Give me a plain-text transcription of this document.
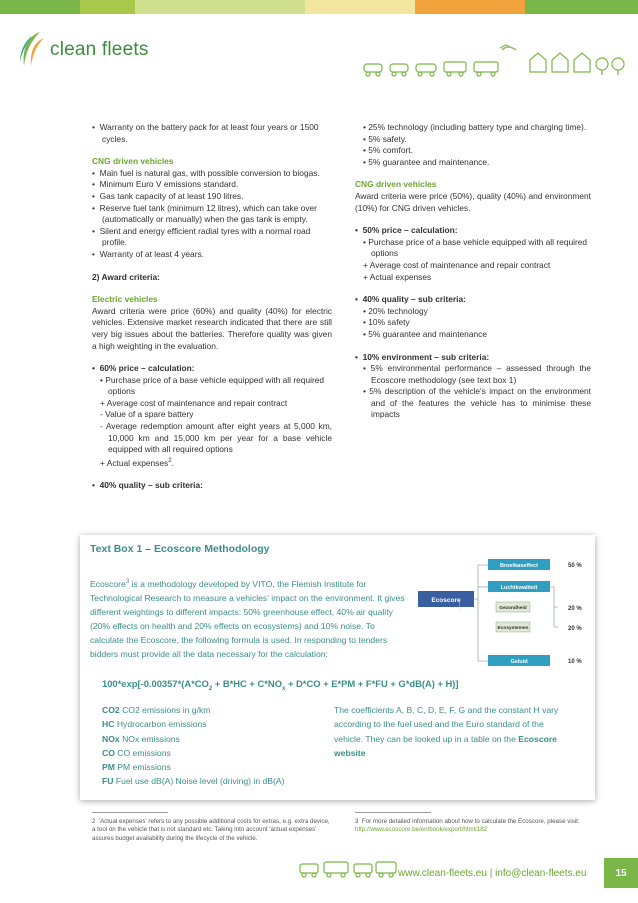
clean fleets

•  Warranty on the battery pack for at least four years or 1500 cycles.

CNG driven vehicles

•  Main fuel is natural gas, with possible conversion to biogas.

•  Minimum Euro V emissions standard.

•  Gas tank capacity of at least 190 litres.

•  Reserve fuel tank (minimum 12 litres), which can take over (automatically or manually) when the gas tank is empty.

•  Silent and energy efficient radial tyres with a normal road profile.

•  Warranty of at least 4 years.

2) Award criteria:

Electric vehicles

Award criteria were price (60%) and quality (40%) for electric vehicles. Extensive market research indicated that there are still very big issues about the batteries. Therefore quality was given a high weighting in the evaluation.

•  60% price – calculation:

• Purchase price of a base vehicle equipped with all required options

+ Average cost of maintenance and repair contract

- Value of a spare battery

- Average redemption amount after eight years at 5,000 km, 10,000 km and 15,000 km per year for a base vehicle equipped with all required options

+ Actual expenses$^2$.

•  40% quality – sub criteria:

• 25% technology (including battery type and charging time).

• 5% safety.

• 5% comfort.

• 5% guarantee and maintenance.

CNG driven vehicles

Award criteria were price (50%), quality (40%) and environment (10%) for CNG driven vehicles.

•  50% price – calculation:

• Purchase price of a base vehicle equipped with all required options

+ Average cost of maintenance and repair contract

+ Actual expenses

•  40% quality – sub criteria:

• 20% technology

• 10% safety

• 5% guarantee and maintenance

•  10% environment – sub criteria:

• 5% environmental performance – assessed through the Ecoscore methodology (see text box 1)

• 5% description of the vehicle's impact on the environment and of the features the vehicle has to minimise these impacts

Text Box 1 – Ecoscore Methodology
Ecoscore$^3$ is a methodology developed by VITO, the Flemish Institute for Technological Research to measure a vehicles' impact on the environment. It gives different weightings to different impacts: 50% greenhouse effect, 40% air quality (20% effects on health and 20% effects on ecosystems) and 10% noise. To calculate the Ecoscore, the following formula is used. In responding to tenders bidders must provide all the data necessary for the calculation:
$100*\exp[-0.00357*(A*CO_2 + B*HC + C*NO_x + D*CO + E*PM + F*FU + G*dB(A) + H)]$
CO2 CO2 emissions in g/km
HC Hydrocarbon emissions
NOx NOx emissions
CO CO emissions
PM PM emissions
FU Fuel use dB(A) Noise level (driving) in dB(A)
The coefficients A, B, C, D, E, F, G and the constant H vary according to the fuel used and the Euro standard of the vehicle. They can be looked up in a table on the Ecoscore website
Ecoscore
Broeikaseffect
Luchtkwaliteit
Gezondheid
Ecosystemen
Geluid
50 %
20 %
20 %
10 %
2 'Actual expenses' refers to any possible additional costs for extras, e.g. extra device, a tool on the vehicle that is not standard etc. Taking into account 'actual expenses' assures budget availability during the lifecycle of the vehicle.
3 For more detailed information about how to calculate the Ecoscore, please visit: http://www.ecoscore.be/en/book/export/html/182
www.clean-fleets.eu | info@clean-fleets.eu	15
